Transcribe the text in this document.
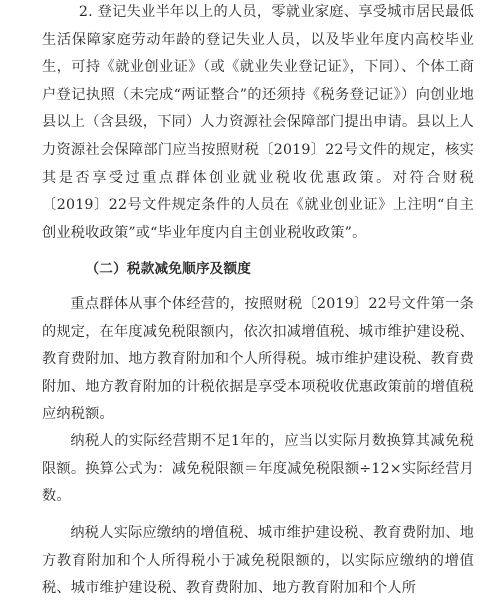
2. 登记失业半年以上的人员，零就业家庭、享受城市居民最低生活保障家庭劳动年龄的登记失业人员，以及毕业年度内高校毕业生，可持《就业创业证》（或《就业失业登记证》，下同）、个体工商户登记执照（未完成“两证整合”的还须持《税务登记证》）向创业地县以上（含县级，下同）人力资源社会保障部门提出申请。县以上人力资源社会保障部门应当按照财税〔2019〕22号文件的规定，核实其是否享受过重点群体创业就业税收优惠政策。对符合财税〔2019〕22号文件规定条件的人员在《就业创业证》上注明“自主创业税收政策”或“毕业年度内自主创业税收政策”。

（二）税款减免顺序及额度

重点群体从事个体经营的，按照财税〔2019〕22号文件第一条的规定，在年度减免税限额内，依次扣减增值税、城市维护建设税、教育费附加、地方教育附加和个人所得税。城市维护建设税、教育费附加、地方教育附加的计税依据是享受本项税收优惠政策前的增值税应纳税额。

纳税人的实际经营期不足1年的，应当以实际月数换算其减免税限额。换算公式为：减免税限额＝年度减免税限额÷12×实际经营月数。

纳税人实际应缴纳的增值税、城市维护建设税、教育费附加、地方教育附加和个人所得税小于减免税限额的，以实际应缴纳的增值税、城市维护建设税、教育费附加、地方教育附加和个人所
